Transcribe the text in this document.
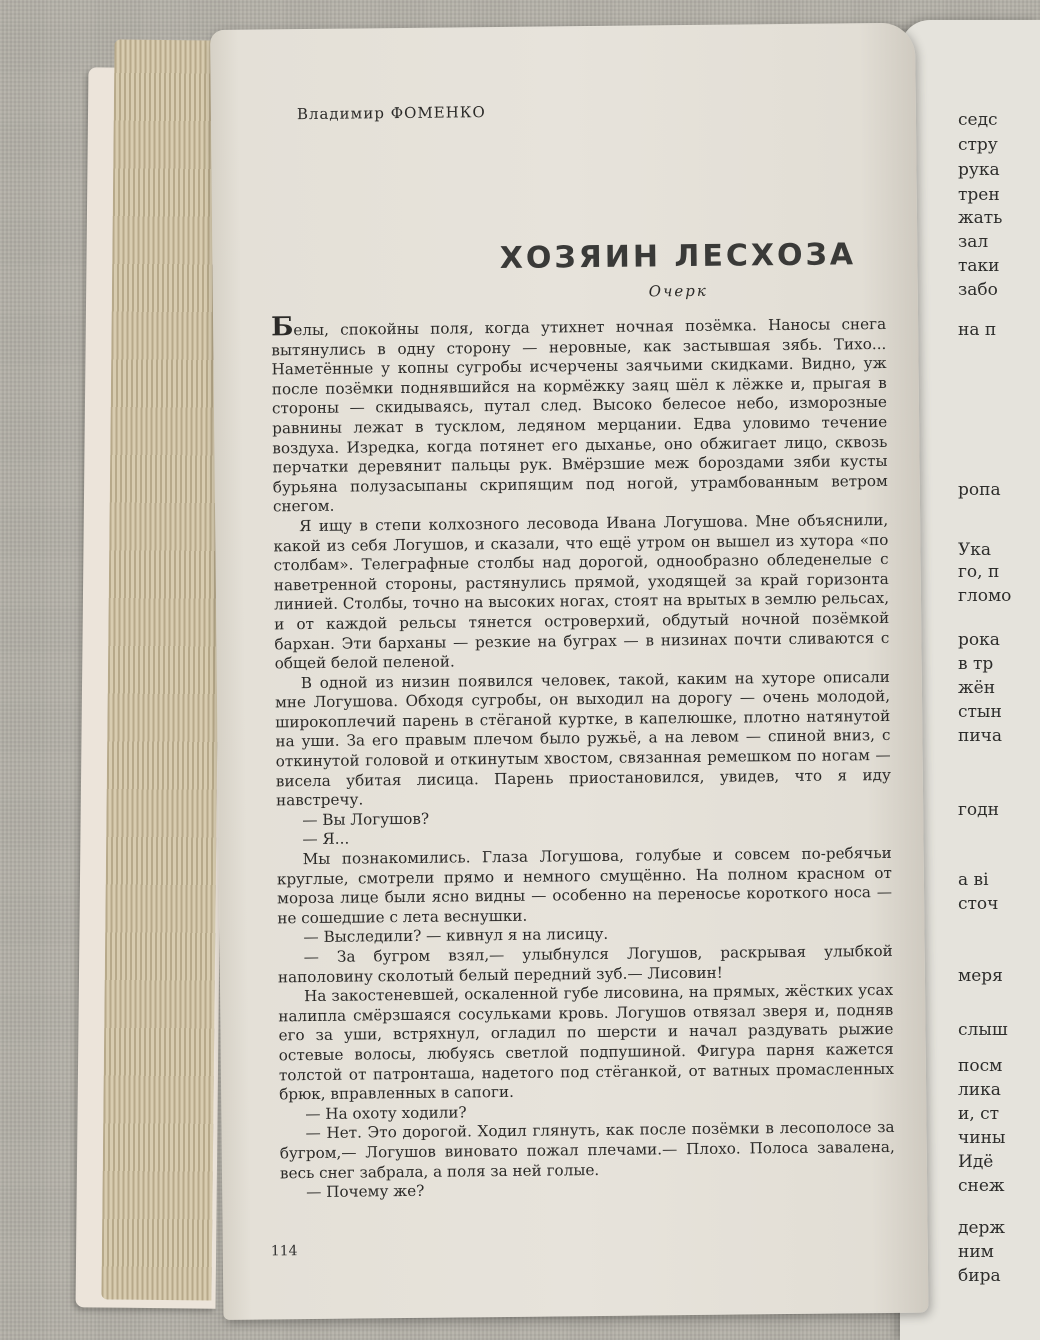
седс

стру

рука

трен

жать

зал

таки

забо

на п

ропа

Ука

го, п

гломо

рока

в тр

жён

стын

пича

годн

а ві

сточ

меря

слыш

посм

лика

и, ст

чины

Идё

снеж

держ

ним

бира

Владимир ФОМЕНКО
ХОЗЯИН ЛЕСХОЗА
Очерк

Белы, спокойны поля, когда утихнет ночная позёмка. Наносы снега вытянулись в одну сторону — неровные, как застывшая зябь. Тихо... Наметённые у копны сугробы исчерчены заячьими скидками. Видно, уж после позёмки поднявшийся на кормёжку заяц шёл к лёжке и, прыгая в стороны — скидываясь, путал след. Высоко белесое небо, изморозные равнины лежат в тусклом, ледяном мерцании. Едва уловимо течение воздуха. Изредка, когда потянет его дыханье, оно обжигает лицо, сквозь перчатки деревянит пальцы рук. Вмёрзшие меж бороздами зяби кусты бурьяна полузасыпаны скрипящим под ногой, утрамбованным ветром снегом.

Я ищу в степи колхозного лесовода Ивана Логушова. Мне объяснили, какой из себя Логушов, и сказали, что ещё утром он вышел из хутора «по столбам». Телеграфные столбы над дорогой, однообразно обледенелые с наветренной стороны, растянулись прямой, уходящей за край горизонта линией. Столбы, точно на высоких ногах, стоят на врытых в землю рельсах, и от каждой рельсы тянется островерхий, обдутый ночной позёмкой бархан. Эти барханы — резкие на буграх — в низинах почти сливаются с общей белой пеленой.

В одной из низин появился человек, такой, каким на хуторе описали мне Логушова. Обходя сугробы, он выходил на дорогу — очень молодой, широкоплечий парень в стёганой куртке, в капелюшке, плотно натянутой на уши. За его правым плечом было ружьё, а на левом — спиной вниз, с откинутой головой и откинутым хвостом, связанная ремешком по ногам — висела убитая лисица. Парень приостановился, увидев, что я иду навстречу.

— Вы Логушов?

— Я...

Мы познакомились. Глаза Логушова, голубые и совсем по-ребячьи круглые, смотрели прямо и немного смущённо. На полном красном от мороза лице были ясно видны — особенно на переносье короткого носа — не сошедшие с лета веснушки.

— Выследили? — кивнул я на лисицу.

— За бугром взял,— улыбнулся Логушов, раскрывая улыбкой наполовину сколотый белый передний зуб.— Лисовин!

На закостеневшей, оскаленной губе лисовина, на прямых, жёстких усах налипла смёрзшаяся сосульками кровь. Логушов отвязал зверя и, подняв его за уши, встряхнул, огладил по шерсти и начал раздувать рыжие остевые волосы, любуясь светлой подпушиной. Фигура парня кажется толстой от патронташа, надетого под стёганкой, от ватных промасленных брюк, вправленных в сапоги.

— На охоту ходили?

— Нет. Это дорогой. Ходил глянуть, как после позёмки в лесополосе за бугром,— Логушов виновато пожал плечами.— Плохо. Полоса завалена, весь снег забрала, а поля за ней голые.

— Почему же?

114
